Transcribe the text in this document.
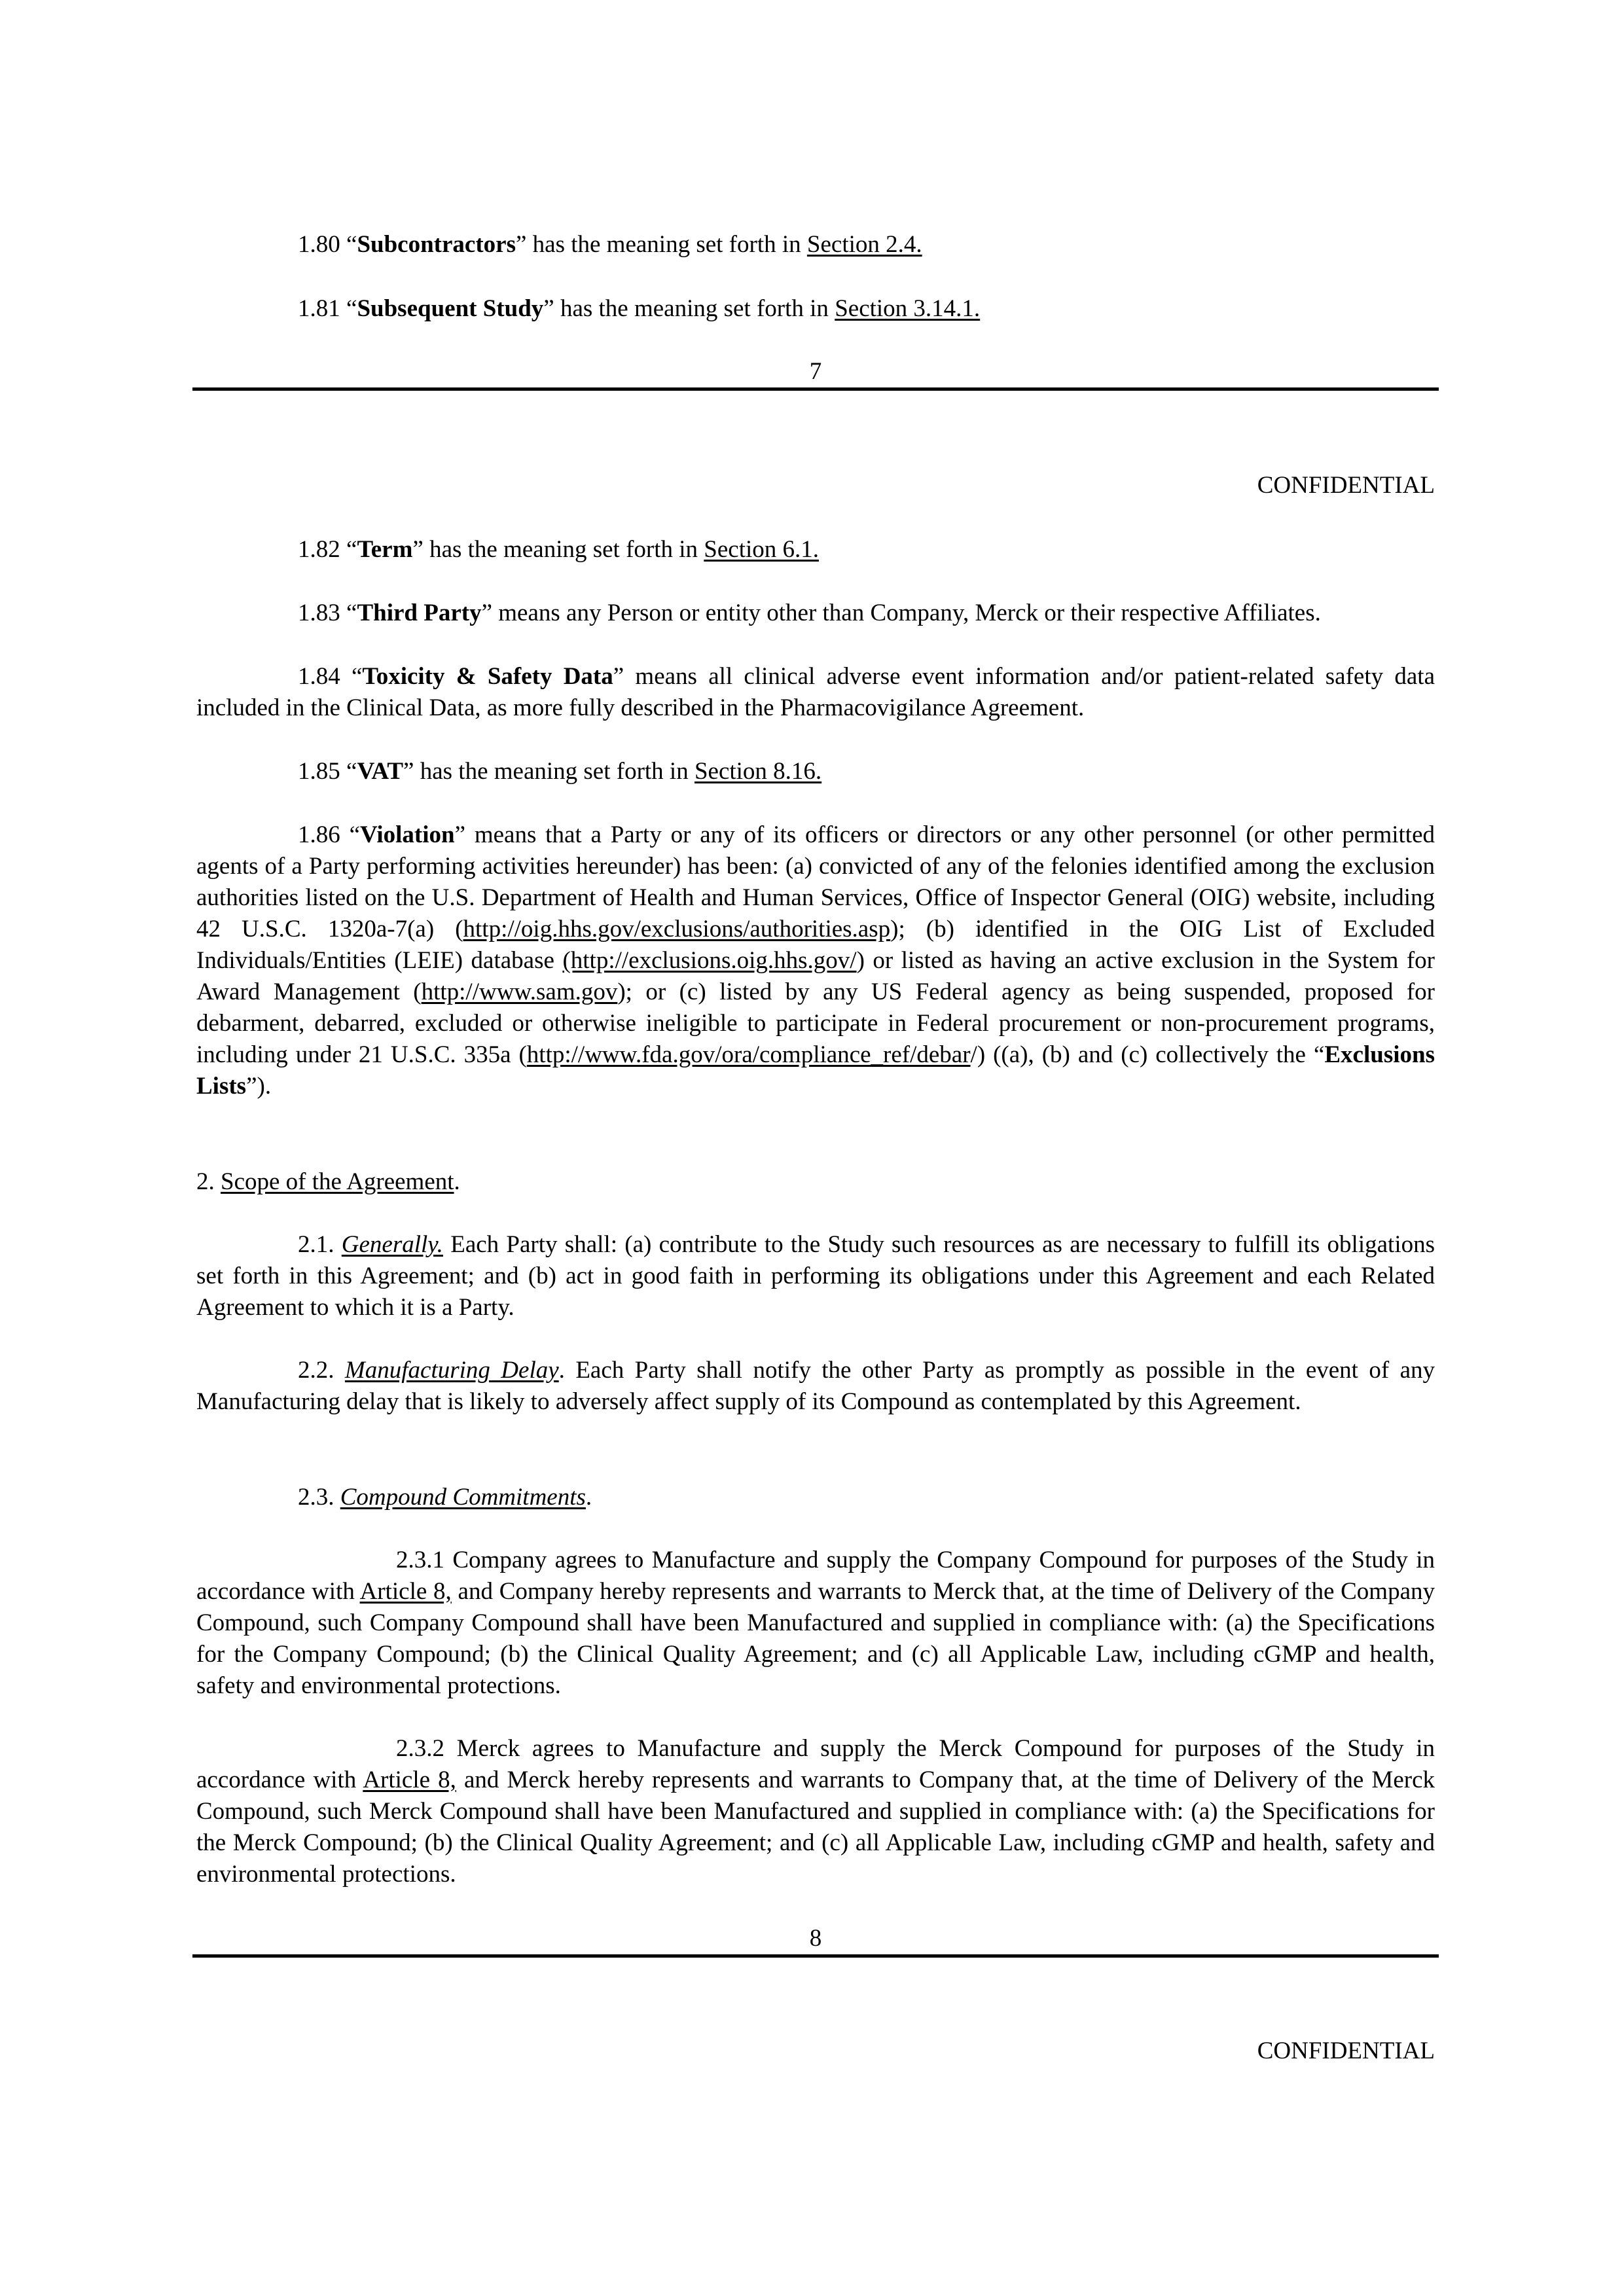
1.80 “Subcontractors” has the meaning set forth in Section 2.4.

1.81 “Subsequent Study” has the meaning set forth in Section 3.14.1.

7

CONFIDENTIAL

1.82 “Term” has the meaning set forth in Section 6.1.

1.83 “Third Party” means any Person or entity other than Company, Merck or their respective Affiliates.

1.84 “Toxicity & Safety Data” means all clinical adverse event information and/or patient-related safety data included in the Clinical Data, as more fully described in the Pharmacovigilance Agreement.

1.85 “VAT” has the meaning set forth in Section 8.16.

1.86 “Violation” means that a Party or any of its officers or directors or any other personnel (or other permitted agents of a Party performing activities hereunder) has been: (a) convicted of any of the felonies identified among the exclusion authorities listed on the U.S. Department of Health and Human Services, Office of Inspector General (OIG) website, including 42 U.S.C. 1320a-7(a) (http://oig.hhs.gov/exclusions/authorities.asp); (b) identified in the OIG List of Excluded Individuals/Entities (LEIE) database (http://exclusions.oig.hhs.gov/) or listed as having an active exclusion in the System for Award Management (http://www.sam.gov); or (c) listed by any US Federal agency as being suspended, proposed for debarment, debarred, excluded or otherwise ineligible to participate in Federal procurement or non-procurement programs, including under 21 U.S.C. 335a (http://www.fda.gov/ora/compliance_ref/debar/) ((a), (b) and (c) collectively the “Exclusions Lists”).

2. Scope of the Agreement.

2.1. Generally. Each Party shall: (a) contribute to the Study such resources as are necessary to fulfill its obligations set forth in this Agreement; and (b) act in good faith in performing its obligations under this Agreement and each Related Agreement to which it is a Party.

2.2. Manufacturing Delay. Each Party shall notify the other Party as promptly as possible in the event of any Manufacturing delay that is likely to adversely affect supply of its Compound as contemplated by this Agreement.

2.3. Compound Commitments.

2.3.1 Company agrees to Manufacture and supply the Company Compound for purposes of the Study in accordance with Article 8, and Company hereby represents and warrants to Merck that, at the time of Delivery of the Company Compound, such Company Compound shall have been Manufactured and supplied in compliance with: (a) the Specifications for the Company Compound; (b) the Clinical Quality Agreement; and (c) all Applicable Law, including cGMP and health, safety and environmental protections.

2.3.2 Merck agrees to Manufacture and supply the Merck Compound for purposes of the Study in accordance with Article 8, and Merck hereby represents and warrants to Company that, at the time of Delivery of the Merck Compound, such Merck Compound shall have been Manufactured and supplied in compliance with: (a) the Specifications for the Merck Compound; (b) the Clinical Quality Agreement; and (c) all Applicable Law, including cGMP and health, safety and environmental protections.

8

CONFIDENTIAL
